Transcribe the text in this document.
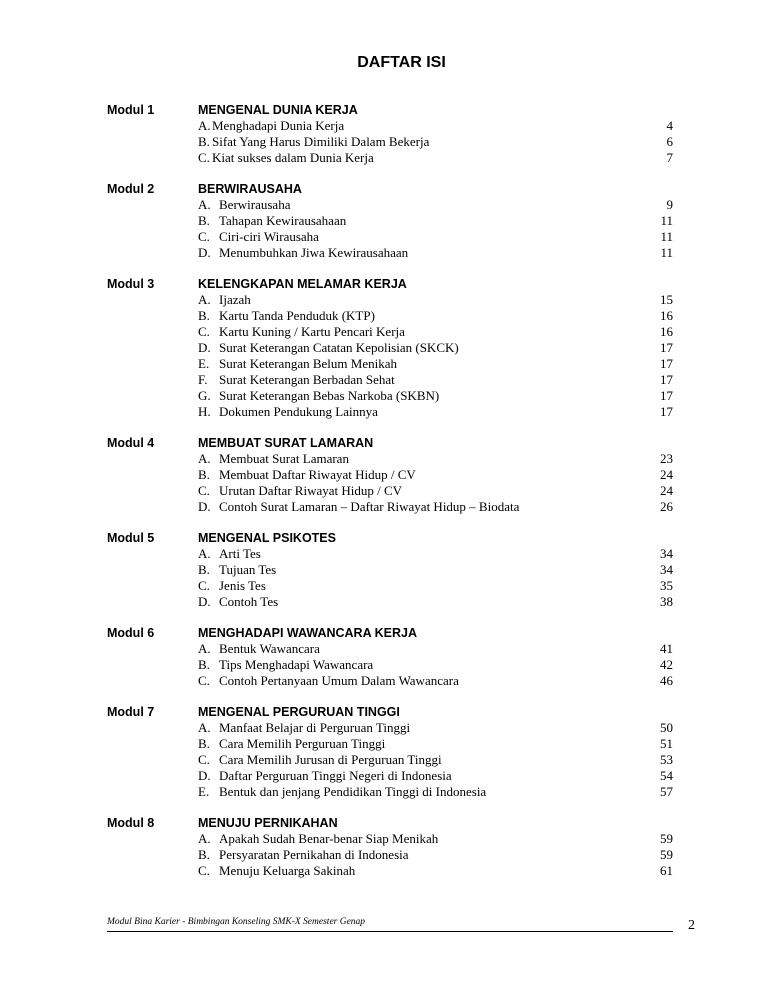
DAFTAR ISI
Modul 1	MENGENAL DUNIA KERJA
A. Menghadapi Dunia Kerja	4
B. Sifat Yang Harus Dimiliki Dalam Bekerja	6
C. Kiat sukses dalam Dunia Kerja	7
Modul 2	BERWIRAUSAHA
A. Berwirausaha	9
B. Tahapan Kewirausahaan	11
C. Ciri-ciri Wirausaha	11
D. Menumbuhkan Jiwa Kewirausahaan	11
Modul 3	KELENGKAPAN MELAMAR KERJA
A. Ijazah	15
B. Kartu Tanda Penduduk (KTP)	16
C. Kartu Kuning / Kartu Pencari Kerja	16
D. Surat Keterangan Catatan Kepolisian (SKCK)	17
E. Surat Keterangan Belum Menikah	17
F. Surat Keterangan Berbadan Sehat	17
G. Surat Keterangan Bebas Narkoba (SKBN)	17
H. Dokumen Pendukung Lainnya	17
Modul 4	MEMBUAT SURAT LAMARAN
A. Membuat Surat Lamaran	23
B. Membuat Daftar Riwayat Hidup / CV	24
C. Urutan Daftar Riwayat Hidup / CV	24
D. Contoh Surat Lamaran – Daftar Riwayat Hidup – Biodata	26
Modul 5	MENGENAL PSIKOTES
A. Arti Tes	34
B. Tujuan Tes	34
C. Jenis Tes	35
D. Contoh Tes	38
Modul 6	MENGHADAPI WAWANCARA KERJA
A. Bentuk Wawancara	41
B. Tips Menghadapi Wawancara	42
C. Contoh Pertanyaan Umum Dalam Wawancara	46
Modul 7	MENGENAL PERGURUAN TINGGI
A. Manfaat Belajar di Perguruan Tinggi	50
B. Cara Memilih Perguruan Tinggi	51
C. Cara Memilih Jurusan di Perguruan Tinggi	53
D. Daftar Perguruan Tinggi Negeri di Indonesia	54
E. Bentuk dan jenjang Pendidikan Tinggi di Indonesia	57
Modul 8	MENUJU PERNIKAHAN
A. Apakah Sudah Benar-benar Siap Menikah	59
B. Persyaratan Pernikahan di Indonesia	59
C. Menuju Keluarga Sakinah	61
Modul Bina Karier - Bimbingan Konseling SMK-X Semester Genap	2
